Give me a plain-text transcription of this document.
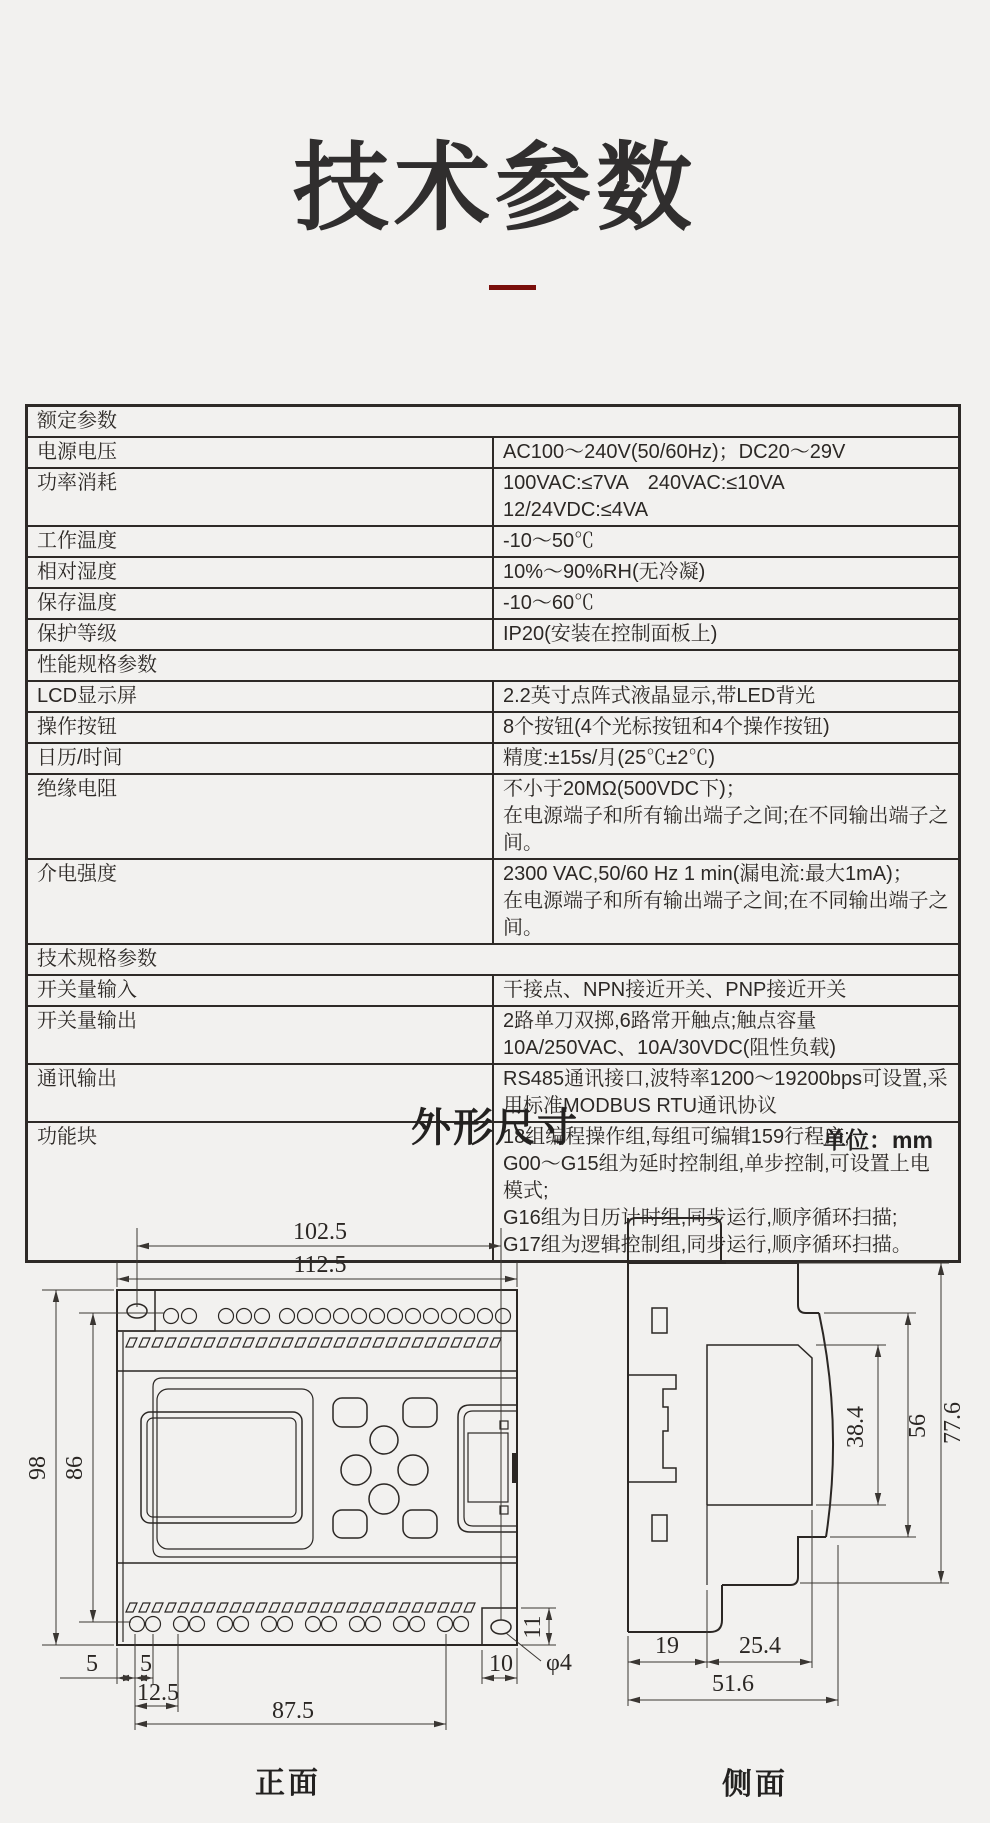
技术参数
额定参数	
电源电压	AC100～240V(50/60Hz)；DC20～29V

功率消耗	100VAC:≤7VA　240VAC:≤10VA　　12/24VDC:≤4VA

工作温度	-10～50℃

相对湿度	10%～90%RH(无冷凝)

保存温度	-10～60℃

保护等级	IP20(安装在控制面板上)

性能规格参数	
LCD显示屏	2.2英寸点阵式液晶显示,带LED背光

操作按钮	8个按钮(4个光标按钮和4个操作按钮)

日历/时间	精度:±15s/月(25℃±2℃)

绝缘电阻	不小于20MΩ(500VDC下)；
在电源端子和所有输出端子之间;在不同输出端子之间。

介电强度	2300 VAC,50/60 Hz 1 min(漏电流:最大1mA)；
在电源端子和所有输出端子之间;在不同输出端子之间。

技术规格参数	
开关量输入	干接点、NPN接近开关、PNP接近开关

开关量输出	2路单刀双掷,6路常开触点;触点容量10A/250VAC、10A/30VDC(阻性负载)

通讯输出	RS485通讯接口,波特率1200～19200bps可设置,采用标准MODBUS RTU通讯协议

功能块	18组编程操作组,每组可编辑159行程序;
G00～G15组为延时控制组,单步控制,可设置上电模式;
G16组为日历计时组,同步运行,顺序循环扫描;
G17组为逻辑控制组,同步运行,顺序循环扫描。
外形尺寸	单位：mm
正面	侧面
102.5
112.5
98 86
5 5
12.5
87.5
10
11
φ4
38.4 56 77.6
19	25.4
51.6
